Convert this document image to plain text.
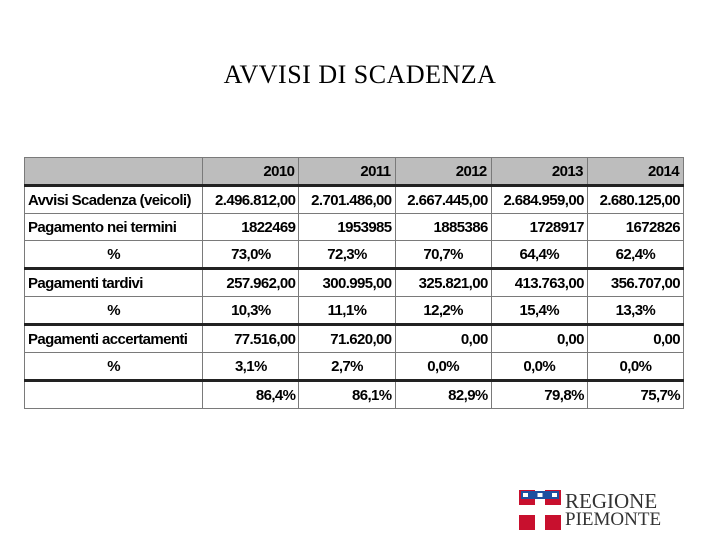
AVVISI DI SCADENZA
	2010	2011	2012	2013	2014
Avvisi Scadenza (veicoli)	2.496.812,00	2.701.486,00	2.667.445,00	2.684.959,00	2.680.125,00
Pagamento nei termini	1822469	1953985	1885386	1728917	1672826
%	73,0%	72,3%	70,7%	64,4%	62,4%
Pagamenti tardivi	257.962,00	300.995,00	325.821,00	413.763,00	356.707,00
%	10,3%	11,1%	12,2%	15,4%	13,3%
Pagamenti accertamenti	77.516,00	71.620,00	0,00	0,00	0,00
%	3,1%	2,7%	0,0%	0,0%	0,0%
	86,4%	86,1%	82,9%	79,8%	75,7%
REGIONE
PIEMONTE
